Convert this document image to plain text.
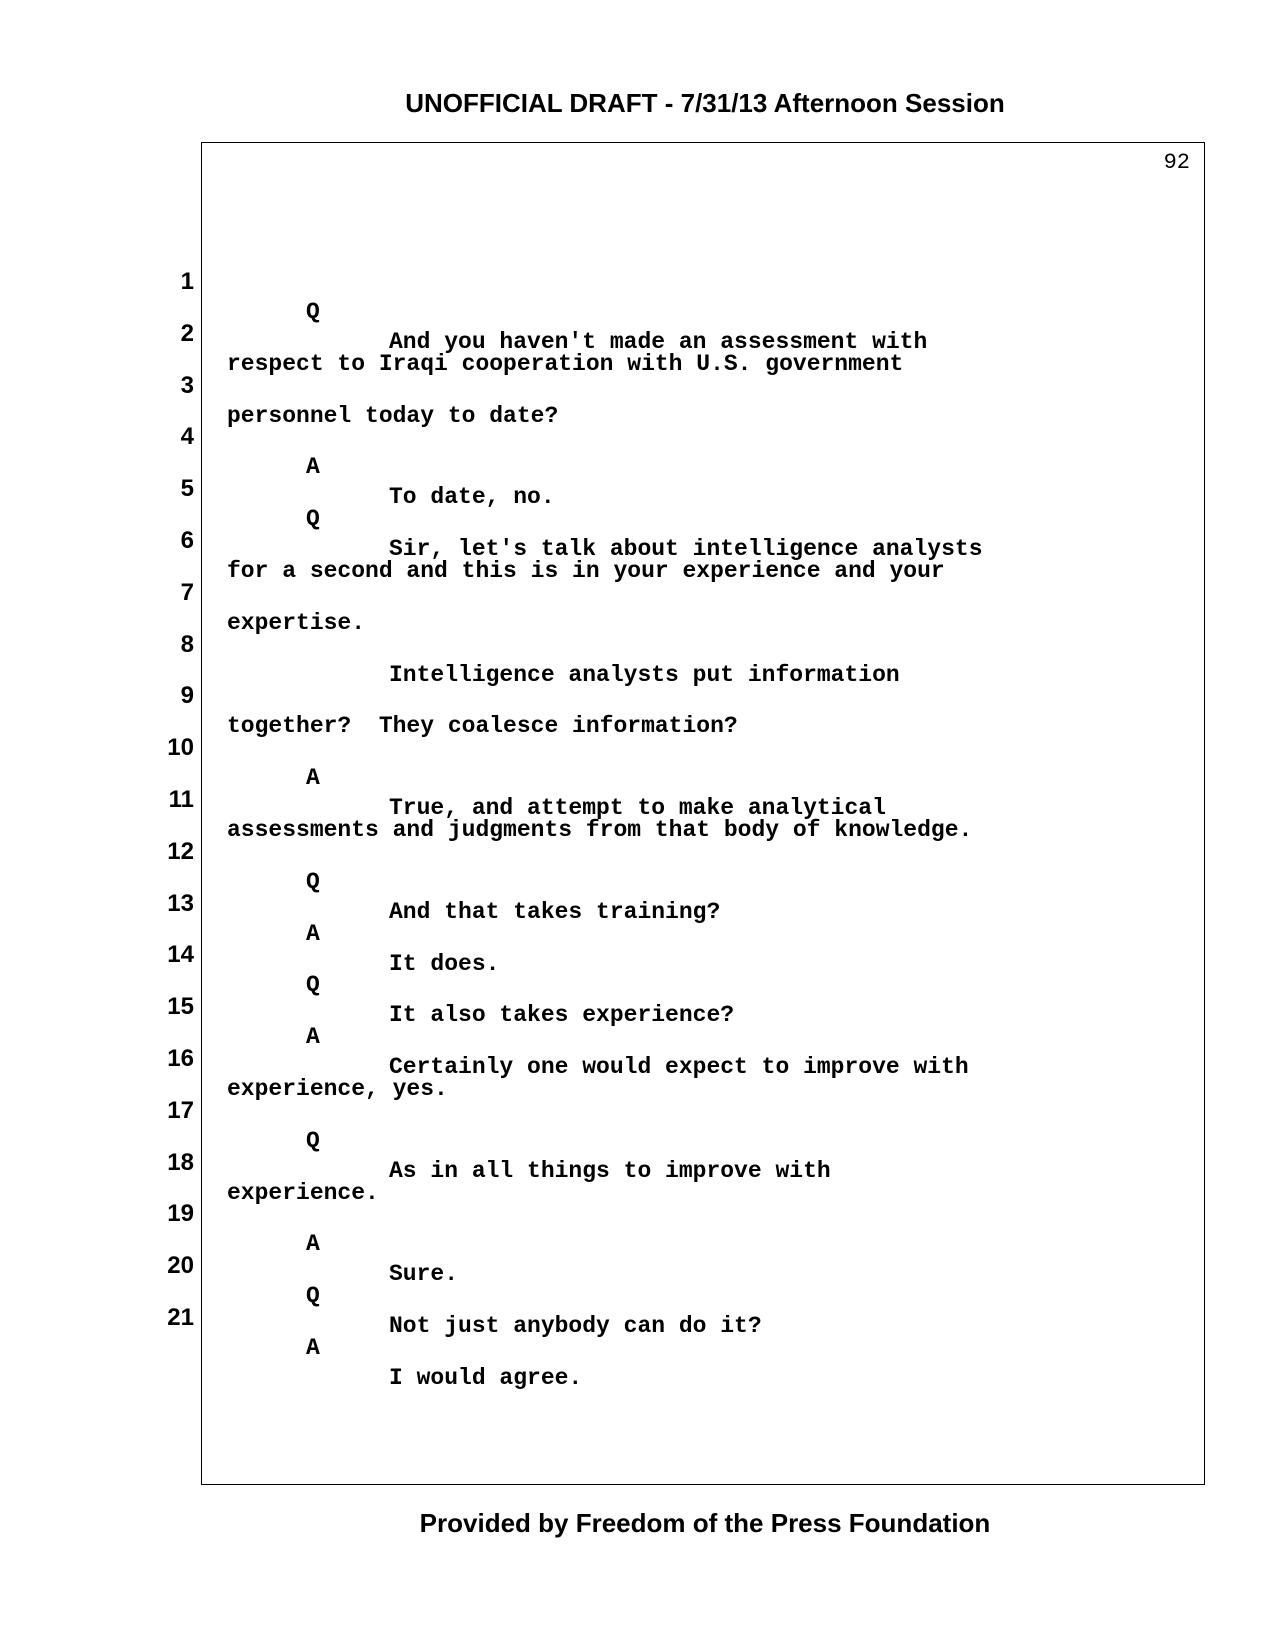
UNOFFICIAL DRAFT - 7/31/13 Afternoon Session
92

1

Q

And you haven't made an assessment with

2

respect to Iraqi cooperation with U.S. government

3

personnel today to date?

4

A

To date, no.

5

Q

Sir, let's talk about intelligence analysts

6

for a second and this is in your experience and your

7

expertise.

8

Intelligence analysts put information

9

together?  They coalesce information?

10

A

True, and attempt to make analytical

11

assessments and judgments from that body of knowledge.

12

Q

And that takes training?

13

A

It does.

14

Q

It also takes experience?

15

A

Certainly one would expect to improve with

16

experience, yes.

17

Q

As in all things to improve with

18

experience.

19

A

Sure.

20

Q

Not just anybody can do it?

21

A

I would agree.

Provided by Freedom of the Press Foundation
